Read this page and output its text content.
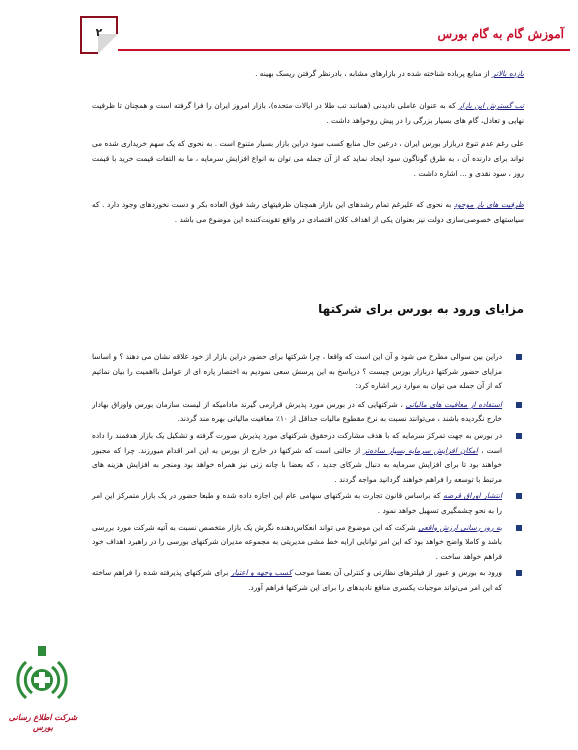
۲	آموزش گام به گام بورس

بازده بالاتر از منابع پرباده شناخته شده در بازارهای مشابه ، بادرنظر گرفتن ریسک بهینه .

تب گسترش این بازار که به عنوان عاملی نادیدنی (همانند تب طلا در ایالات متحده)، بازار امروز ایران را فرا گرفته است و همچنان تا ظرفیت نهایی و تعادل، گام های بسیار بزرگی را در پیش روخواهد داشت .

علی رغم عدم تنوع دربازار بورس ایران ، درعین حال منابع کسب سود دراین بازار بسیار متنوع است . به نحوی که یک سهم خریداری شده می تواند برای دارنده آن ، به طرق گوناگون سود ایجاد نماید که از آن جمله می توان به انواع افزایش سرمایه ، ما به التفات قیمت خرید با قیمت روز ، سود نقدی و ... اشاره داشت .

ظرفیت های باز موجود به نحوی که علیرغم تمام رشدهای این بازار همچنان ظرفیتهای رشد فوق العاده بکر و دست نخوردهای وجود دارد . که سیاستهای خصوصی‌سازی دولت نیز بعنوان یکی از اهداف کلان اقتصادی در واقع تقویت‌کننده این موضوع می باشد .

مزایای ورود به بورس برای شرکتها

دراین بین سوالی مطرح می شود و آن این است که واقعا ، چرا شرکتها برای حضور دراین بازار از خود علاقه نشان می دهند ؟ و اساسا مزایای حضور شرکتها دربازار بورس چیست ؟ درپاسخ به این پرسش سعی نمودیم به اختصار پاره ای از عوامل بااهمیت را بیان نمائیم که از آن جمله می توان به موارد زیر اشاره کرد:

استفاده از معافیت های مالیاتی ، شرکتهایی که در بورس مورد پذیرش قرارمی گیرند مادامیکه از لیست سازمان بورس واوراق بهادار خارج نگردیده باشند ، می‌توانند نسبت به نرخ مقطوع مالیات حداقل از ۱۰٪ معافیت مالیاتی بهره مند گردند.

در بورس به جهت تمرکز سرمایه که با هدف مشارکت درحقوق شرکتهای مورد پذیرش صورت گرفته و تشکیل یک بازار هدفمند را داده است ، امکان افزایش سرمایه بسیار ساده‌تر از حالتی است که شرکتها در خارج از بورس به این امر اقدام میورزند. چرا که مجبور خواهند بود تا برای افزایش سرمایه به دنبال شرکای جدید ، که بعضا با چانه زنی نیز همراه خواهد بود ومنجر به افزایش هزینه های مرتبط با توسعه را فراهم خواهند گردانید مواجه گردند .

انتشار اوراق قرضه که براساس قانون تجارت به شرکتهای سهامی عام این اجازه داده شده و طبعا حضور در یک بازار متمرکز این امر را به نحو چشمگیری تسهیل خواهد نمود .

به روز رسانی ارزش واقعی شرکت که این موضوع می تواند انعکاس‌دهنده نگرش یک بازار متخصص نسبت به آتیه شرکت مورد بررسی باشد و کاملا واضح خواهد بود که این امر توانایی ارایه خط مشی مدیریتی به مجموعه مدیران شرکتهای بورسی را در راهبرد اهداف خود فراهم خواهد ساخت .

ورود به بورس و عبور از فیلترهای نظارتی و کنترلی آن بعضا موجب کسب وجهه و اعتبار برای شرکتهای پذیرفته شده را فراهم ساخته که این امر می‌تواند موجبات یکسری منافع نادیدهای را برای این شرکتها فراهم آورد.

شرکت اطلاع رسانی بورس
